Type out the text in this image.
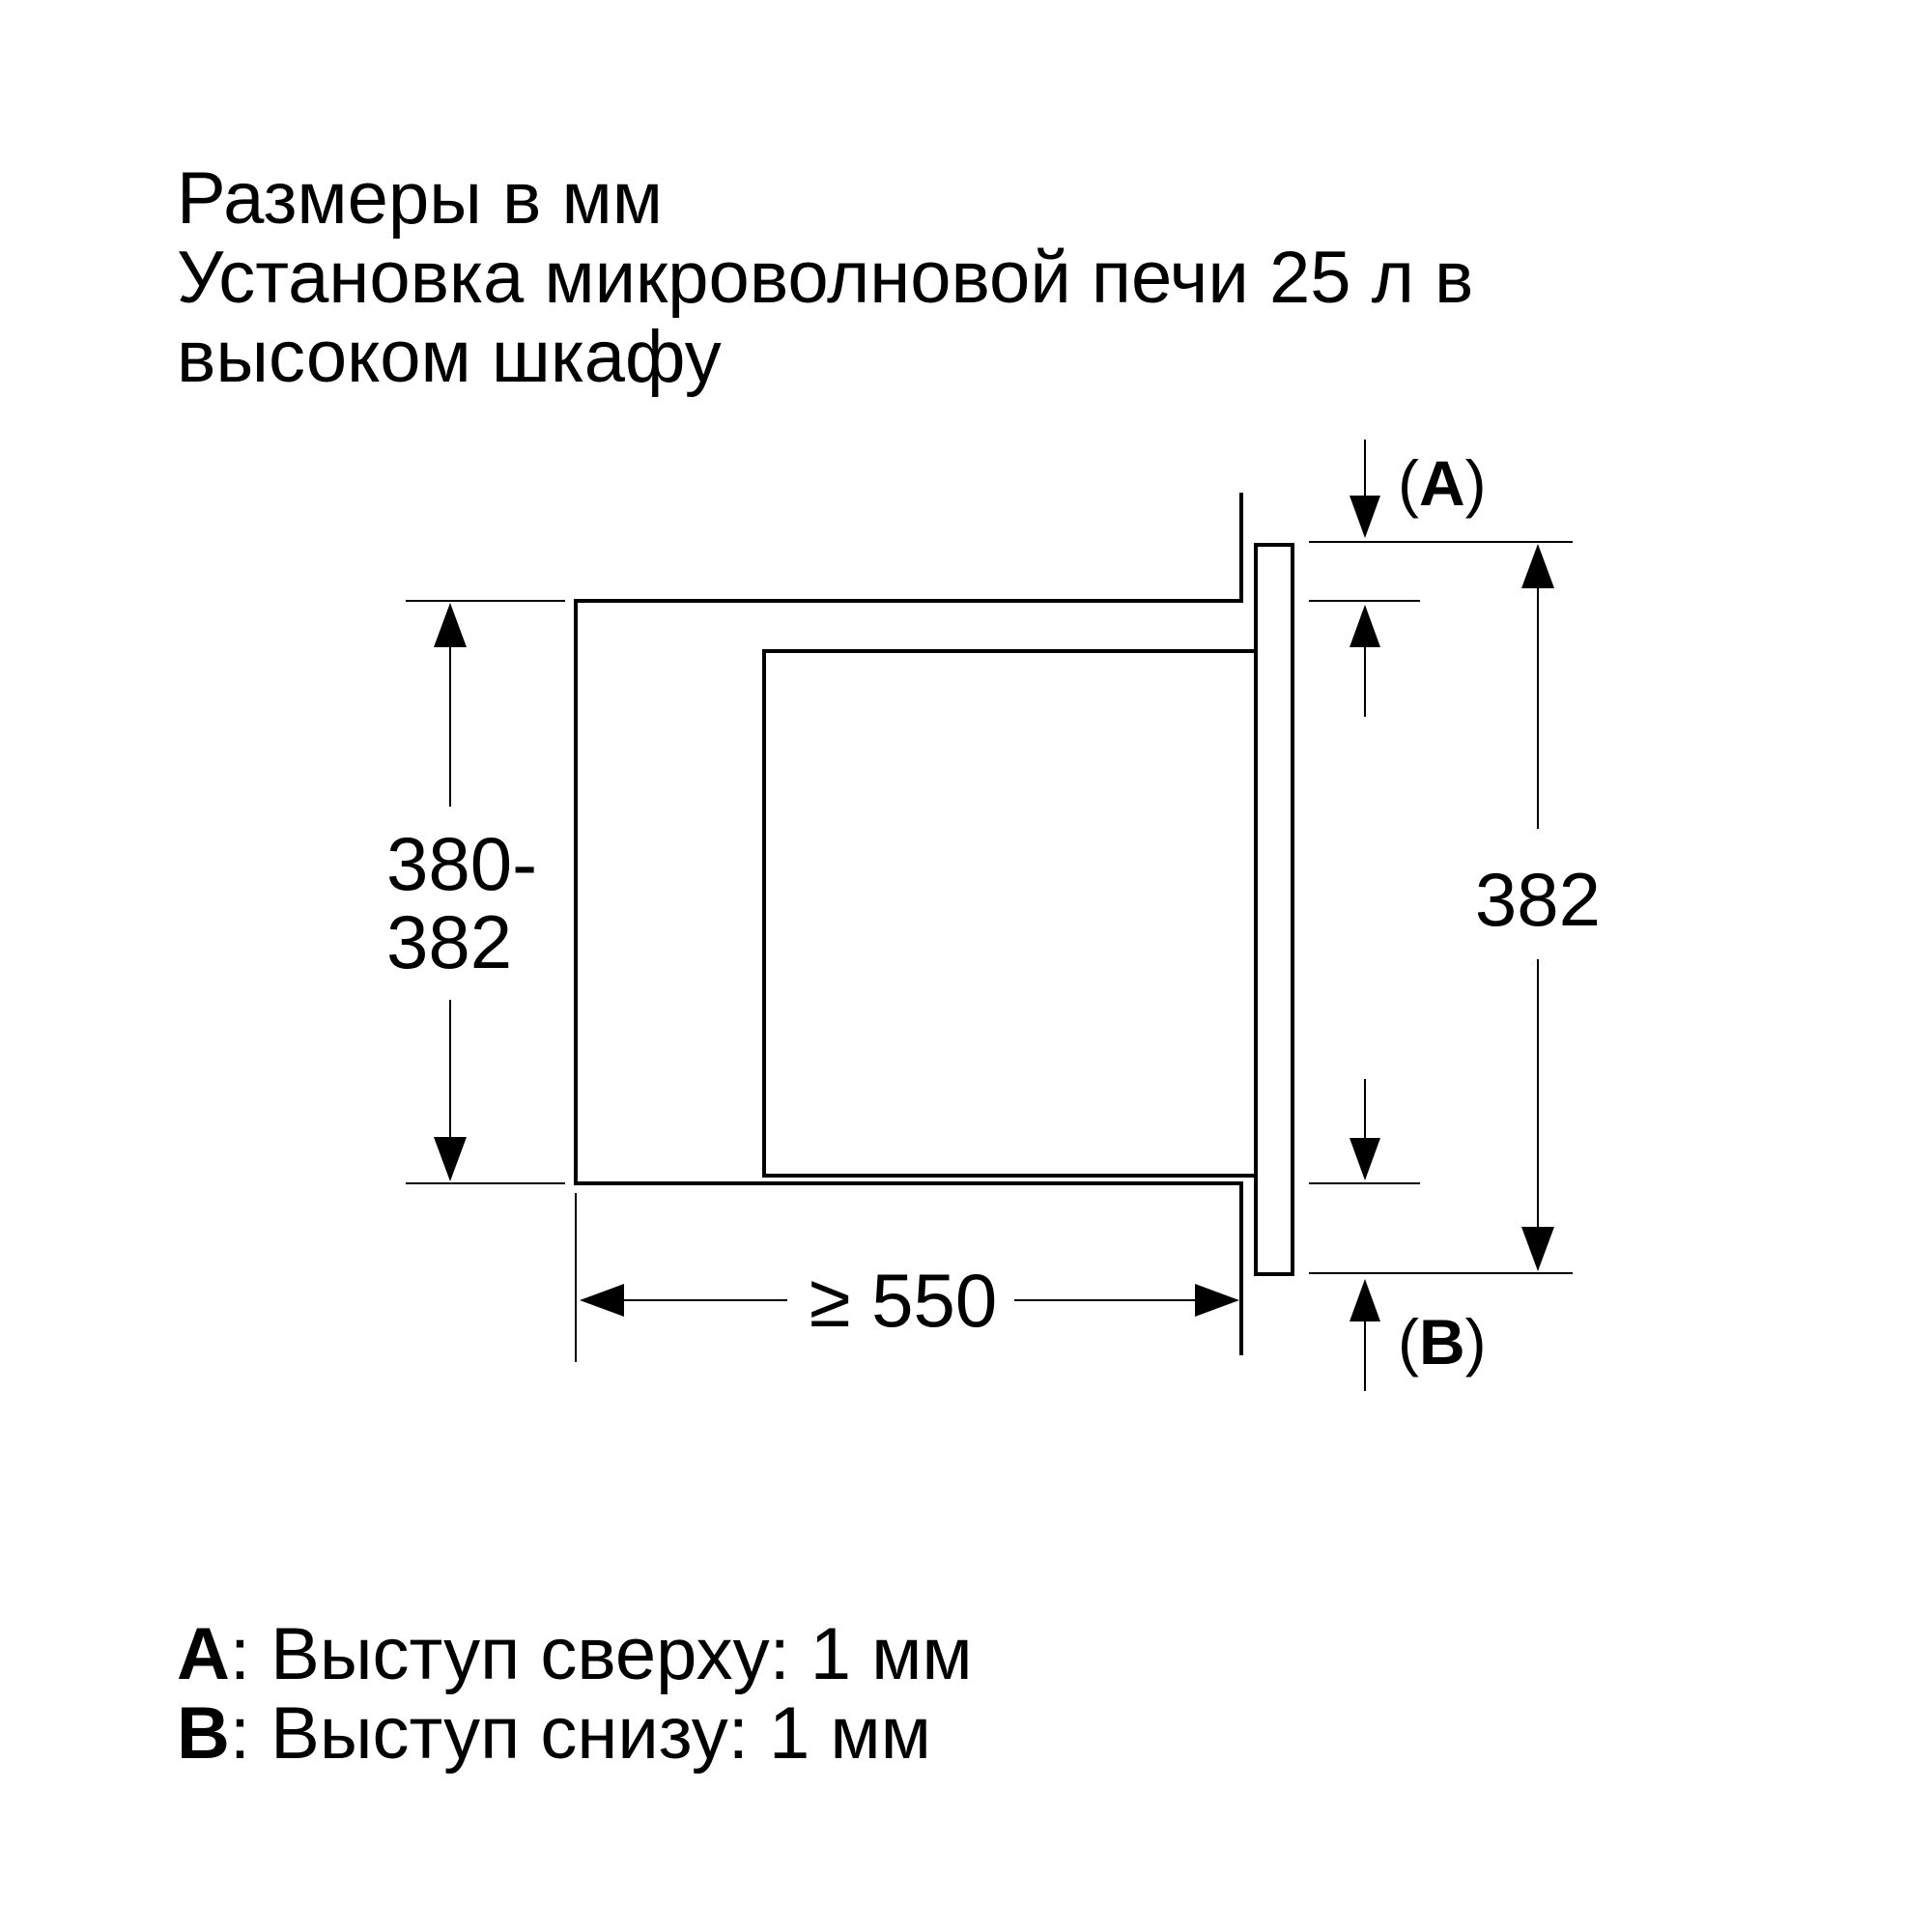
Размеры в мм
Установка микроволновой печи 25 л в
высоком шкафу
380-
382
≥ 550
382
(A)
(B)
A: Выступ сверху: 1 мм
B: Выступ снизу: 1 мм
